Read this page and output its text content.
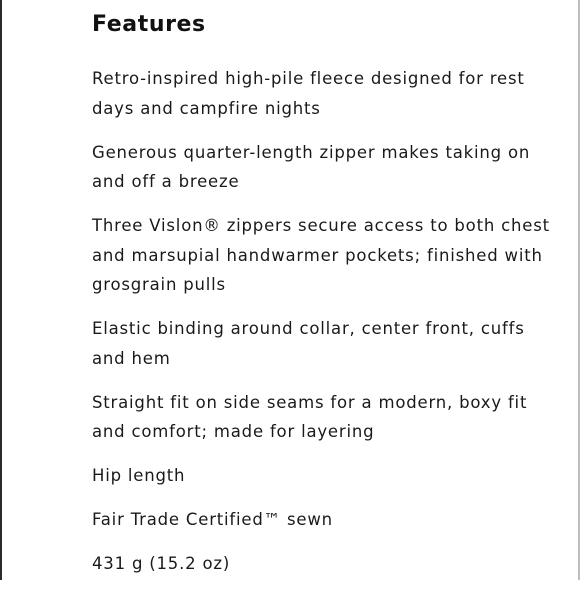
Features
Retro-inspired high-pile fleece designed for rest days and campfire nights
Generous quarter-length zipper makes taking on and off a breeze
Three Vislon® zippers secure access to both chest and marsupial handwarmer pockets; finished with grosgrain pulls
Elastic binding around collar, center front, cuffs and hem
Straight fit on side seams for a modern, boxy fit and comfort; made for layering
Hip length
Fair Trade Certified™ sewn
431 g (15.2 oz)
